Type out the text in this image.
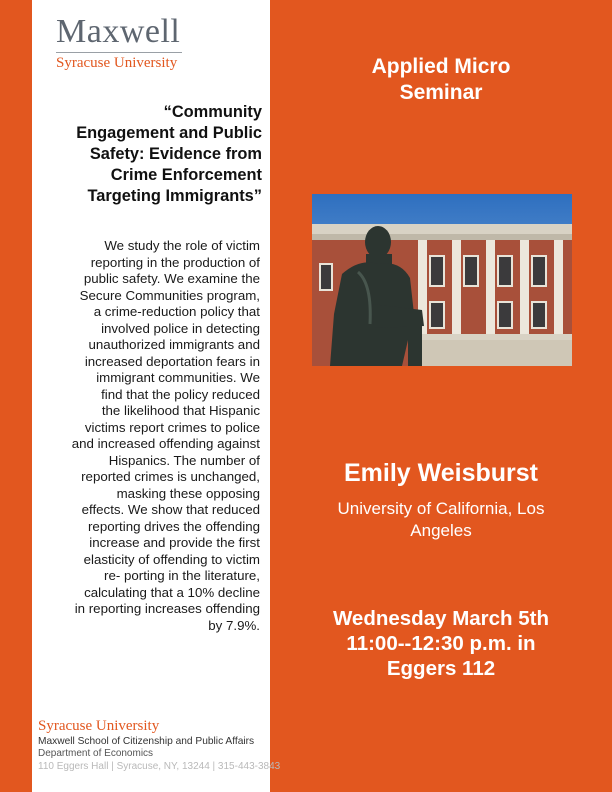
Maxwell
Syracuse University
“Community
Engagement and Public
Safety: Evidence from
Crime Enforcement
Targeting Immigrants”
We study the role of victim
reporting in the production of
public safety. We examine the
Secure Communities program,
a crime-reduction policy that
involved police in detecting
unauthorized immigrants and
increased deportation fears in
immigrant communities. We
find that the policy reduced
the likelihood that Hispanic
victims report crimes to police
and increased offending against
Hispanics. The number of
reported crimes is unchanged,
masking these opposing
effects. We show that reduced
reporting drives the offending
increase and provide the first
elasticity of offending to victim
re- porting in the literature,
calculating that a 10% decline
in reporting increases offending
by 7.9%.
Applied Micro
Seminar
Emily Weisburst
University of California, Los
Angeles
Wednesday March 5th
11:00--12:30 p.m. in
Eggers 112
Syracuse University
Maxwell School of Citizenship and Public Affairs
Department of Economics
110 Eggers Hall | Syracuse, NY, 13244 | 315-443-3843
